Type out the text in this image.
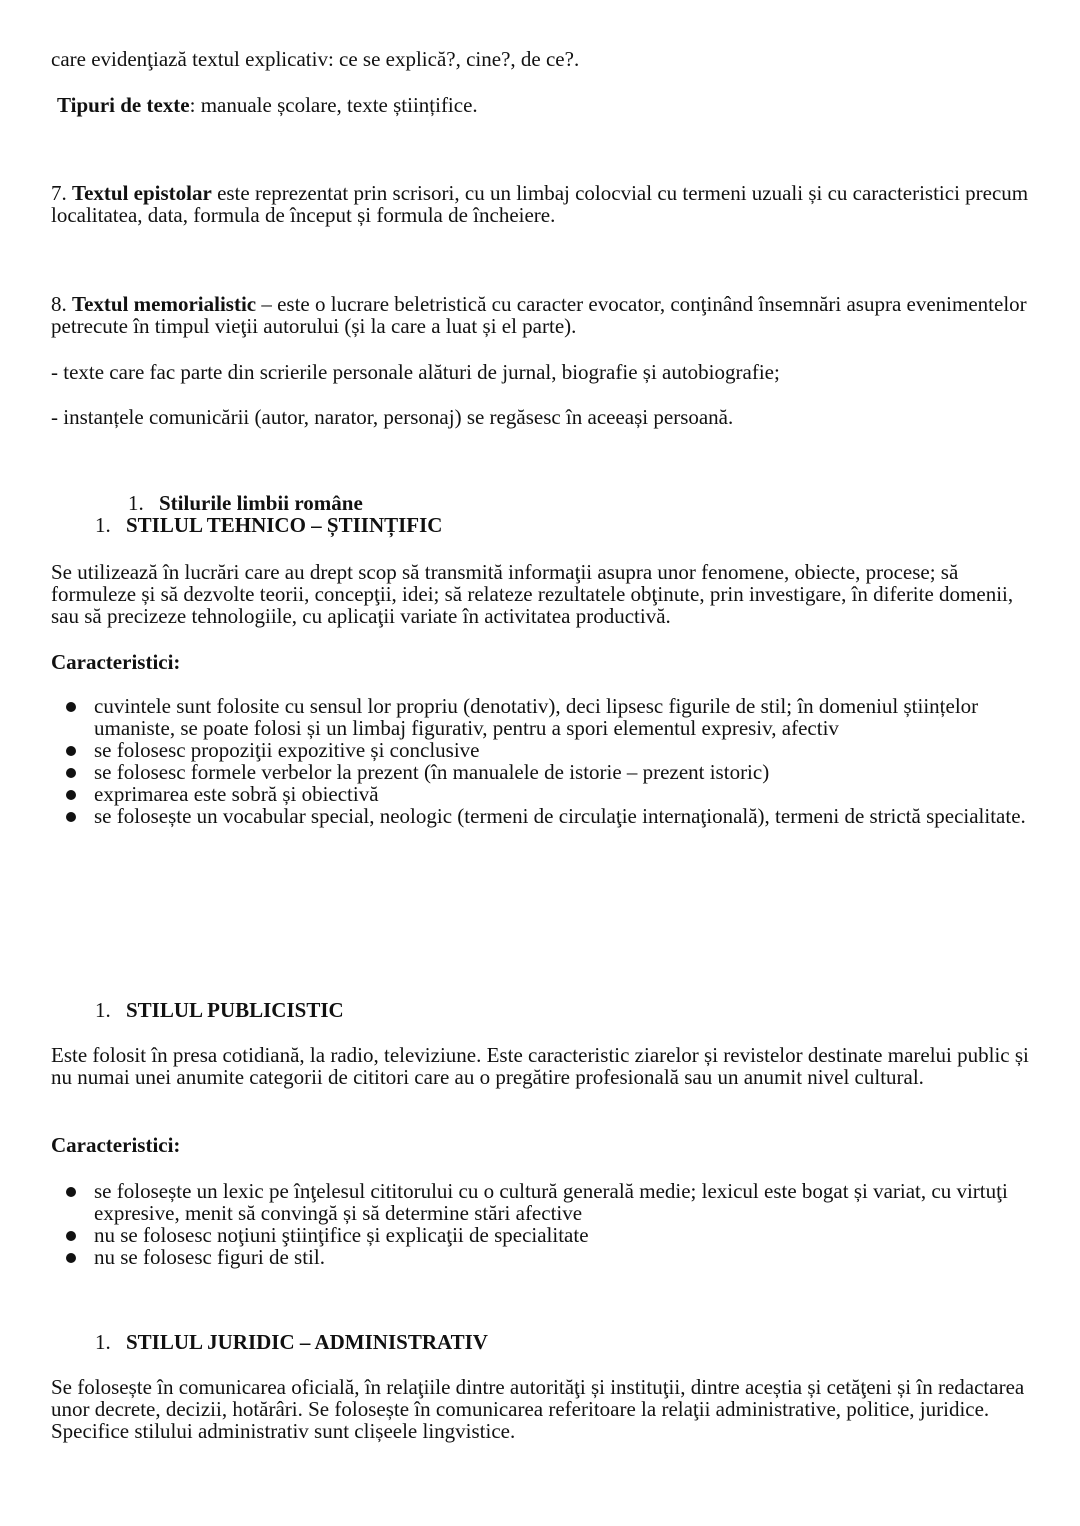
care evidenţiază textul explicativ: ce se explică?, cine?, de ce?.

Tipuri de texte: manuale școlare, texte științifice.

7. Textul epistolar este reprezentat prin scrisori, cu un limbaj colocvial cu termeni uzuali și cu caracteristici precum localitatea, data, formula de început și formula de încheiere.

8. Textul memorialistic – este o lucrare beletristică cu caracter evocator, conţinând însemnări asupra evenimentelor petrecute în timpul vieţii autorului (și la care a luat și el parte).

- texte care fac parte din scrierile personale alături de jurnal, biografie și autobiografie;

- instanțele comunicării (autor, narator, personaj) se regăsesc în aceeași persoană.

1. Stilurile limbii române

1. STILUL TEHNICO – ȘTIINȚIFIC

Se utilizează în lucrări care au drept scop să transmită informaţii asupra unor fenomene, obiecte, procese; să formuleze și să dezvolte teorii, concepţii, idei; să relateze rezultatele obţinute, prin investigare, în diferite domenii, sau să precizeze tehnologiile, cu aplicaţii variate în activitatea productivă.

Caracteristici:

cuvintele sunt folosite cu sensul lor propriu (denotativ), deci lipsesc figurile de stil; în domeniul științelor umaniste, se poate folosi și un limbaj figurativ, pentru a spori elementul expresiv, afectiv
se folosesc propoziţii expozitive și conclusive
se folosesc formele verbelor la prezent (în manualele de istorie – prezent istoric)
exprimarea este sobră și obiectivă
se folosește un vocabular special, neologic (termeni de circulaţie internaţională), termeni de strictă specialitate.

1. STILUL PUBLICISTIC

Este folosit în presa cotidiană, la radio, televiziune. Este caracteristic ziarelor și revistelor destinate marelui public și nu numai unei anumite categorii de cititori care au o pregătire profesională sau un anumit nivel cultural.

Caracteristici:

se folosește un lexic pe înţelesul cititorului cu o cultură generală medie; lexicul este bogat și variat, cu virtuţi expresive, menit să convingă și să determine stări afective
nu se folosesc noţiuni ştiinţifice și explicaţii de specialitate
nu se folosesc figuri de stil.

1. STILUL JURIDIC – ADMINISTRATIV

Se folosește în comunicarea oficială, în relaţiile dintre autorităţi și instituţii, dintre aceștia și cetăţeni și în redactarea unor decrete, decizii, hotărâri. Se folosește în comunicarea referitoare la relaţii administrative, politice, juridice. Specifice stilului administrativ sunt clișeele lingvistice.
